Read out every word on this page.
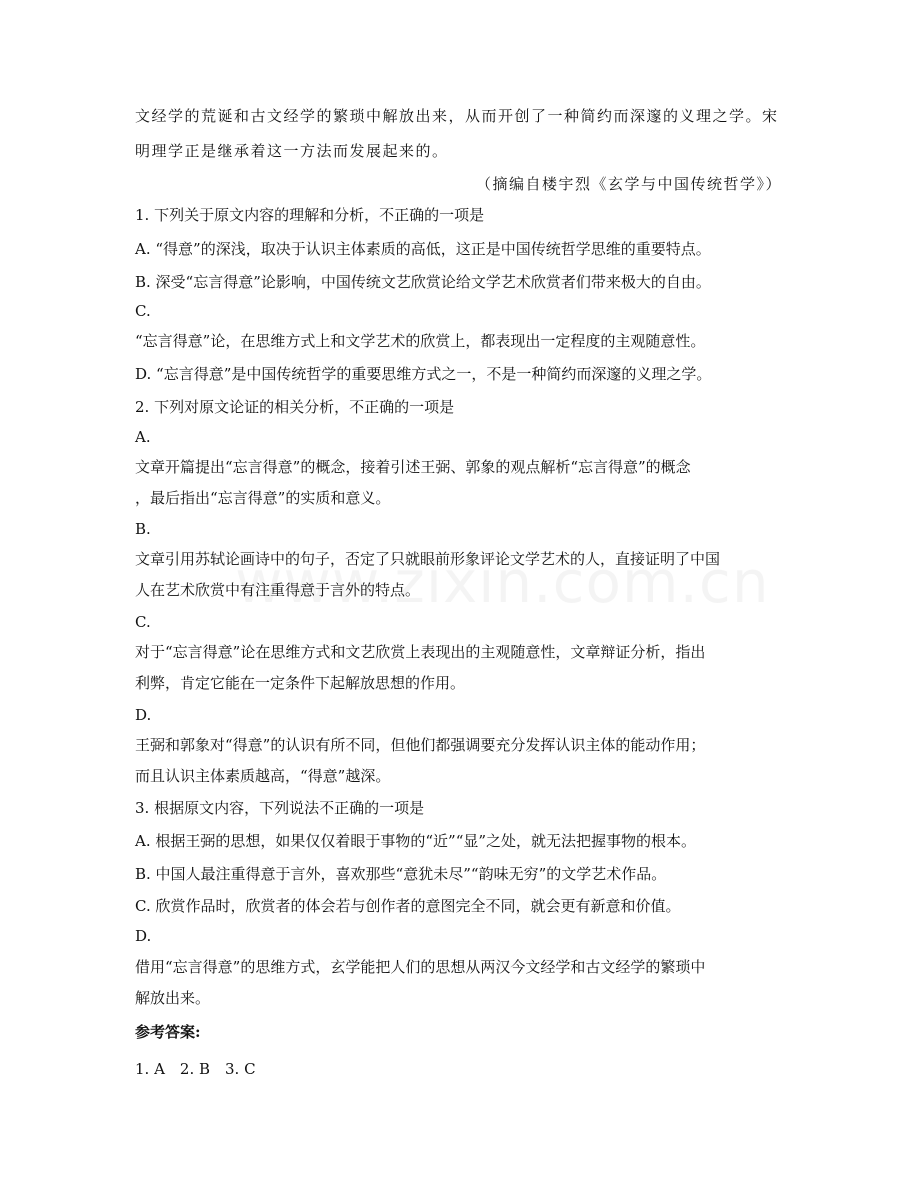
文经学的荒诞和古文经学的繁琐中解放出来，从而开创了一种简约而深邃的义理之学。宋
明理学正是继承着这一方法而发展起来的。
（摘编自楼宇烈《玄学与中国传统哲学》）
1. 下列关于原文内容的理解和分析，不正确的一项是
A. “得意”的深浅，取决于认识主体素质的高低，这正是中国传统哲学思维的重要特点。
B. 深受“忘言得意”论影响，中国传统文艺欣赏论给文学艺术欣赏者们带来极大的自由。
C.
“忘言得意”论，在思维方式上和文学艺术的欣赏上，都表现出一定程度的主观随意性。
D. “忘言得意”是中国传统哲学的重要思维方式之一，不是一种简约而深邃的义理之学。
2. 下列对原文论证的相关分析，不正确的一项是
A.
文章开篇提出“忘言得意”的概念，接着引述王弼、郭象的观点解析“忘言得意”的概念
，最后指出“忘言得意”的实质和意义。
B.
文章引用苏轼论画诗中的句子，否定了只就眼前形象评论文学艺术的人，直接证明了中国
人在艺术欣赏中有注重得意于言外的特点。
C.
对于“忘言得意”论在思维方式和文艺欣赏上表现出的主观随意性，文章辩证分析，指出
利弊，肯定它能在一定条件下起解放思想的作用。
D.
王弼和郭象对“得意”的认识有所不同，但他们都强调要充分发挥认识主体的能动作用；
而且认识主体素质越高，“得意”越深。
3. 根据原文内容，下列说法不正确的一项是
A. 根据王弼的思想，如果仅仅着眼于事物的“近”“显”之处，就无法把握事物的根本。
B. 中国人最注重得意于言外，喜欢那些“意犹未尽”“韵味无穷”的文学艺术作品。
C. 欣赏作品时，欣赏者的体会若与创作者的意图完全不同，就会更有新意和价值。
D.
借用“忘言得意”的思维方式，玄学能把人们的思想从两汉今文经学和古文经学的繁琐中
解放出来。
参考答案:
1. A　2. B　3. C
